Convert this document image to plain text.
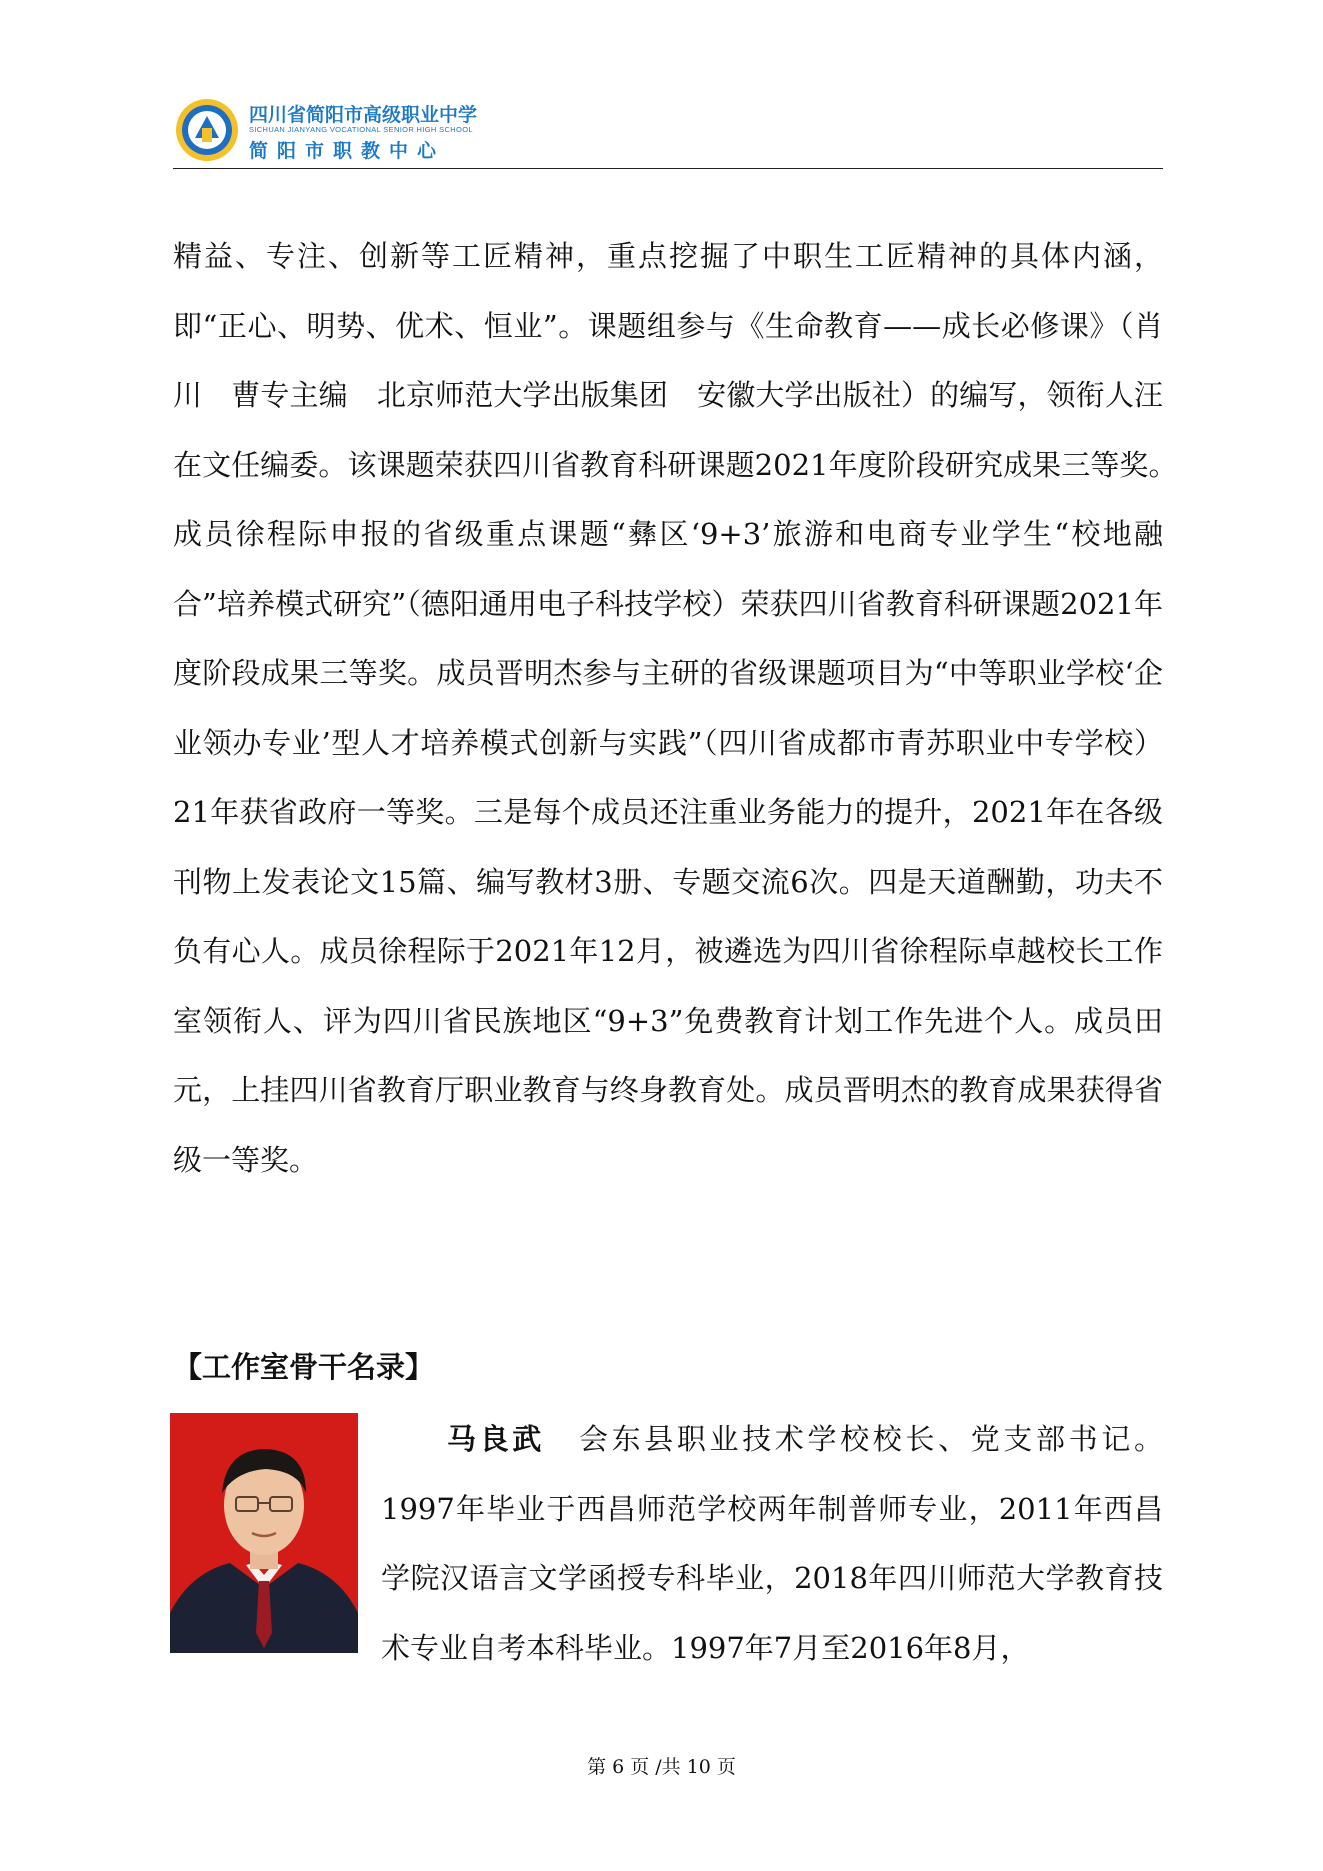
四川省简阳市高级职业中学
SICHUAN JIANYANG VOCATIONAL SENIOR HIGH SCHOOL
简阳市职教中心

精益、专注、创新等工匠精神，重点挖掘了中职生工匠精神的具体内涵，即“正心、明势、优术、恒业”。课题组参与《生命教育——成长必修课》（肖川　曹专主编　北京师范大学出版集团　安徽大学出版社）的编写，领衔人汪在文任编委。该课题荣获四川省教育科研课题2021年度阶段研究成果三等奖。　成员徐程际申报的省级重点课题“彝区‘9+3’旅游和电商专业学生“校地融合”培养模式研究”（德阳通用电子科技学校）荣获四川省教育科研课题2021年度阶段成果三等奖。成员晋明杰参与主研的省级课题项目为“中等职业学校‘企业领办专业’型人才培养模式创新与实践”（四川省成都市青苏职业中专学校）21年获省政府一等奖。三是每个成员还注重业务能力的提升，2021年在各级刊物上发表论文15篇、编写教材3册、专题交流6次。四是天道酬勤，功夫不负有心人。成员徐程际于2021年12月，被遴选为四川省徐程际卓越校长工作室领衔人、评为四川省民族地区“9+3”免费教育计划工作先进个人。成员田元，上挂四川省教育厅职业教育与终身教育处。成员晋明杰的教育成果获得省级一等奖。

【工作室骨干名录】

马良武 会东县职业技术学校校长、党支部书记。1997年毕业于西昌师范学校两年制普师专业，2011年西昌学院汉语言文学函授专科毕业，2018年四川师范大学教育技术专业自考本科毕业。1997年7月至2016年8月，

第 6 页 /共 10 页
